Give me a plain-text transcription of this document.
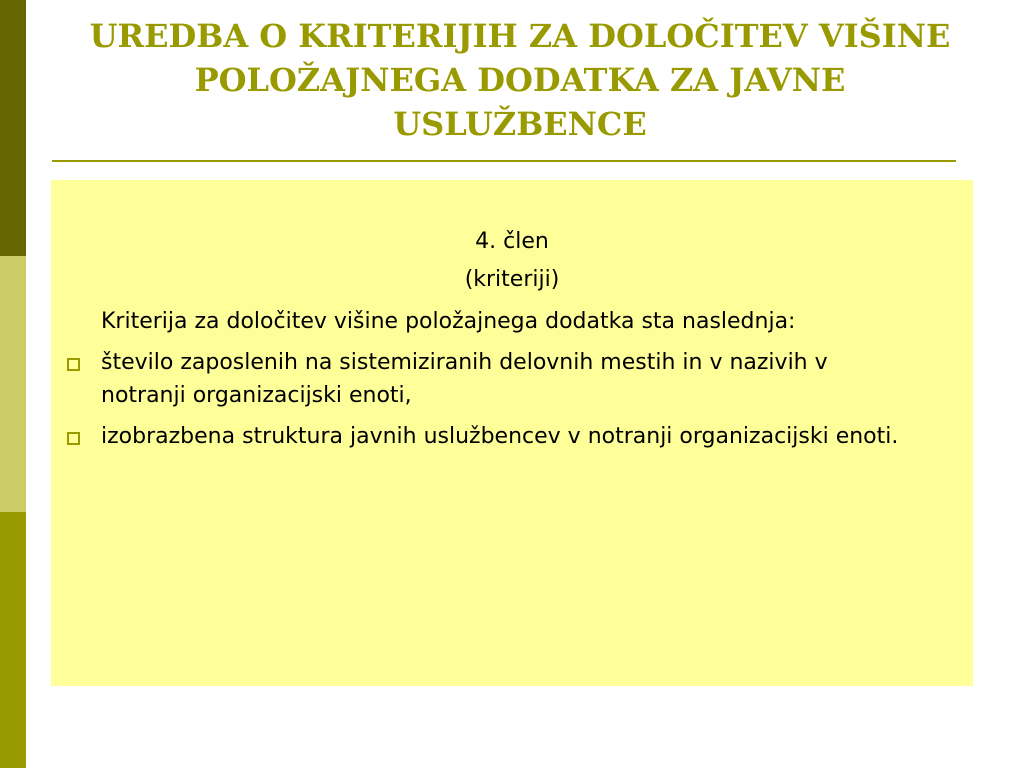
UREDBA O KRITERIJIH ZA DOLOČITEV VIŠINE POLOŽAJNEGA DODATKA ZA JAVNE USLUŽBENCE

4. člen

(kriteriji)

Kriterija za določitev višine položajnega dodatka sta naslednja:

število zaposlenih na sistemiziranih delovnih mestih in v nazivih v notranji organizacijski enoti,
izobrazbena struktura javnih uslužbencev v notranji organizacijski enoti.
